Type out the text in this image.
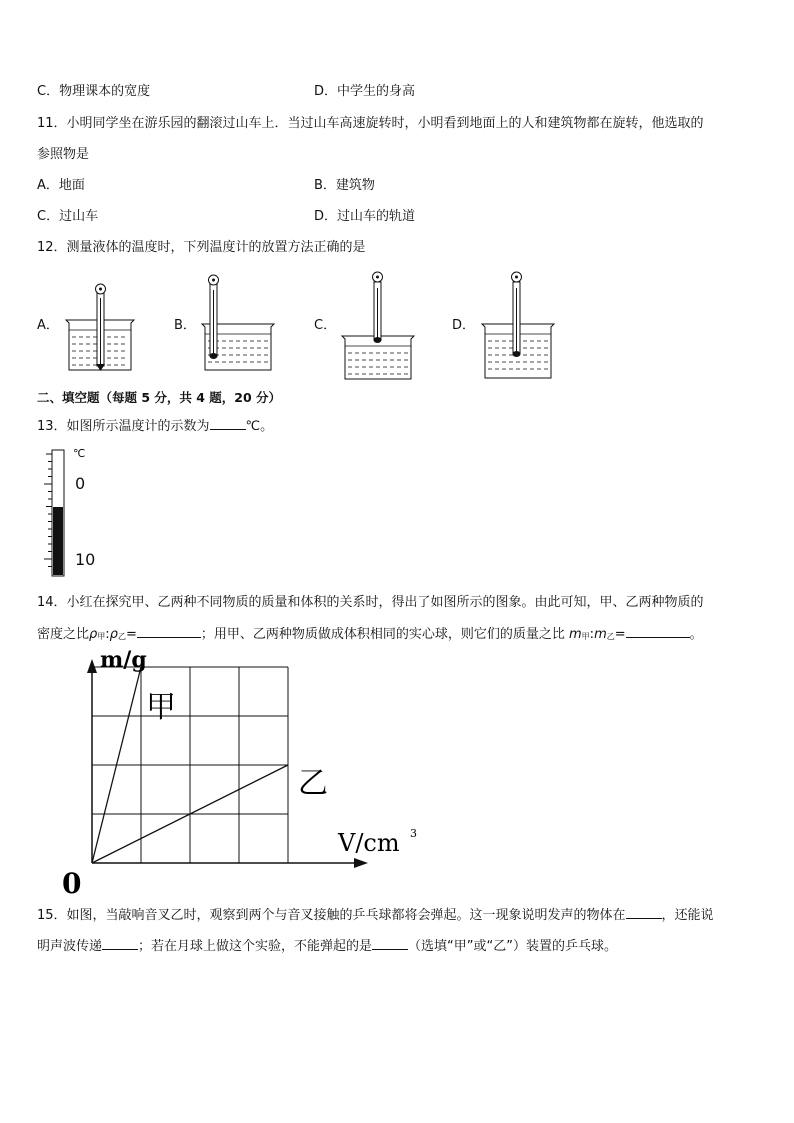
C．物理课本的宽度	D．中学生的身高
11．小明同学坐在游乐园的翻滚过山车上．当过山车高速旋转时，小明看到地面上的人和建筑物都在旋转，他选取的
参照物是
A．地面	B．建筑物
C．过山车	D．过山车的轨道
12．测量液体的温度时，下列温度计的放置方法正确的是
A．	B．	C．	D．
二、填空题（每题 5 分，共 4 题，20 分）
13．如图所示温度计的示数为	℃。
℃
0
10
14．小红在探究甲、乙两种不同物质的质量和体积的关系时，得出了如图所示的图象。由此可知，甲、乙两种物质的
密度之比ρ甲:ρ乙=	；用甲、乙两种物质做成体积相同的实心球，则它们的质量之比 m甲:m乙=	。
m/g
V/cm 3
0
甲
乙
15．如图，当敲响音叉乙时，观察到两个与音叉接触的乒乓球都将会弹起。这一现象说明发声的物体在	，还能说
明声波传递	；若在月球上做这个实验，不能弹起的是	（选填“甲”或“乙”）装置的乒乓球。
